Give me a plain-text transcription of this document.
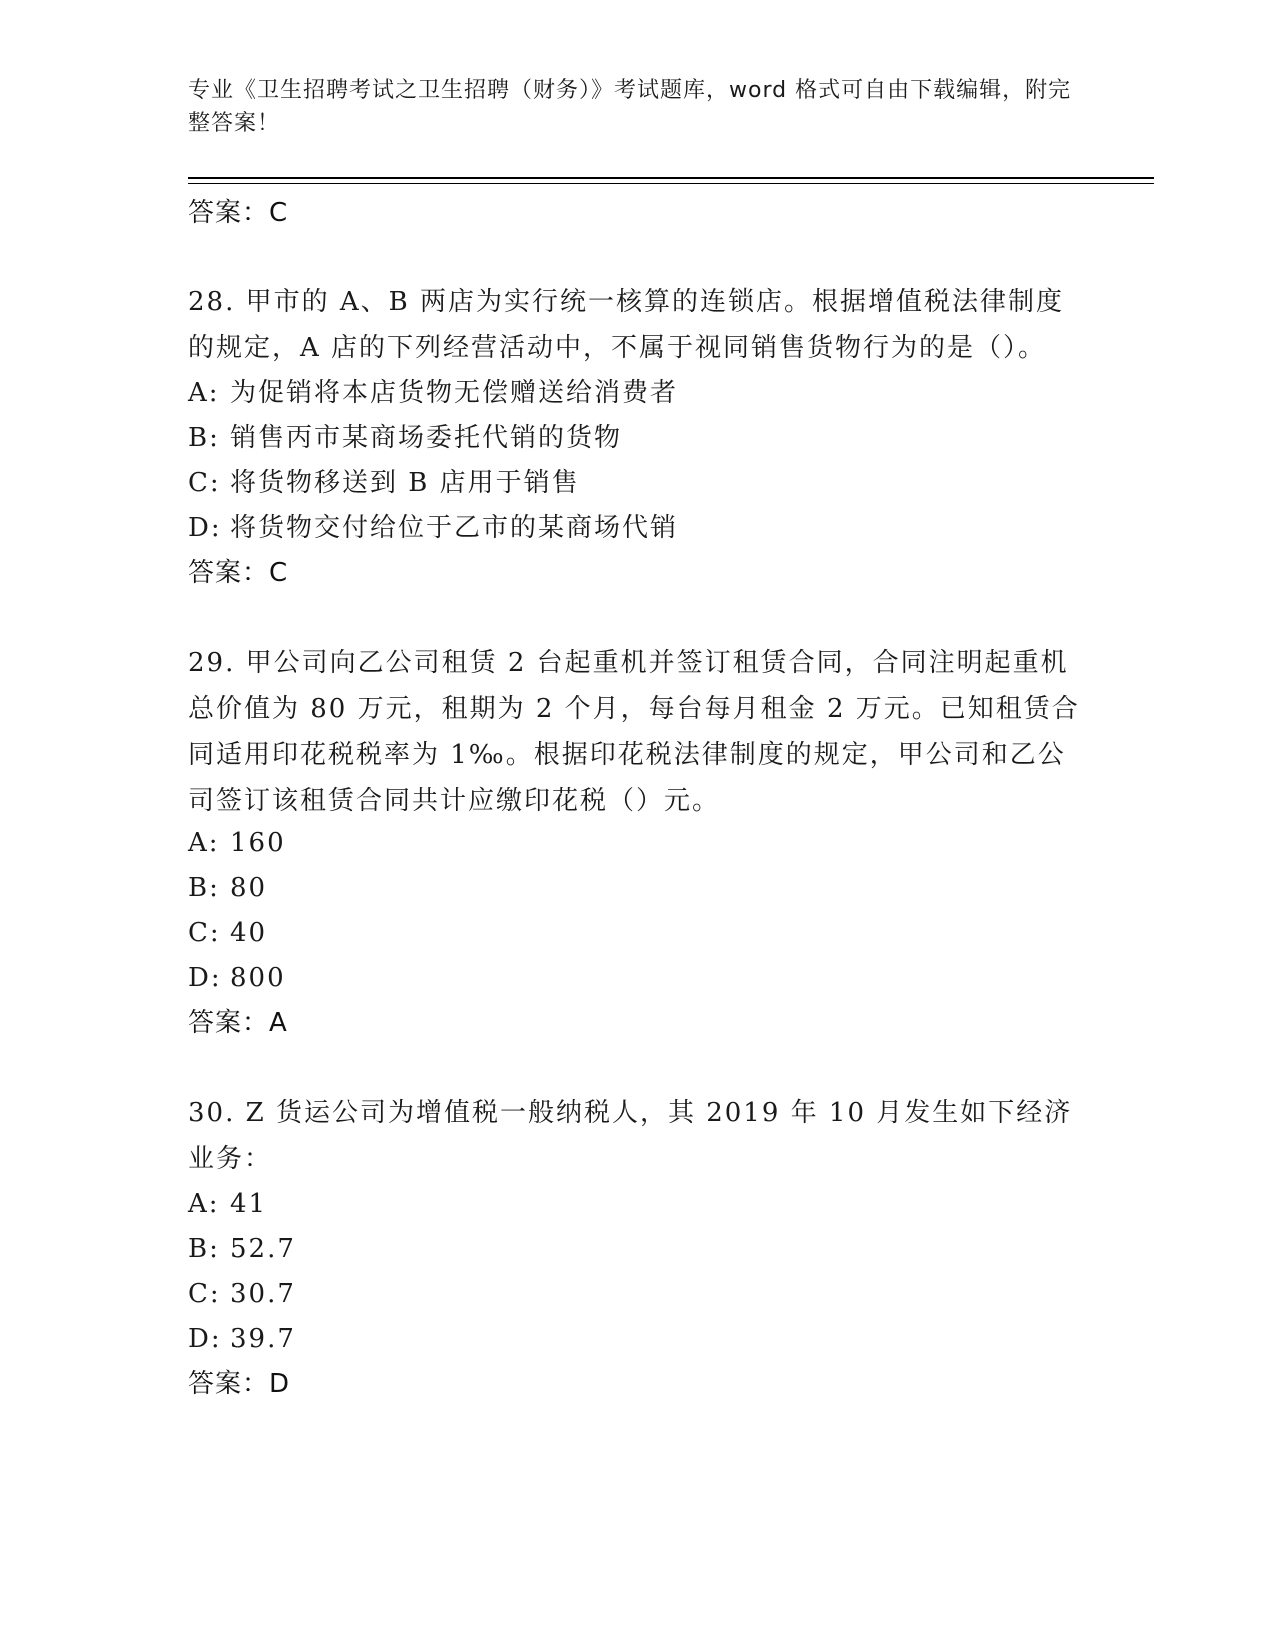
专业《卫生招聘考试之卫生招聘（财务）》考试题库，word 格式可自由下载编辑，附完整答案！
答案：C

28. 甲市的 A、B 两店为实行统一核算的连锁店。根据增值税法律制度的规定，A 店的下列经营活动中，不属于视同销售货物行为的是（）。

A: 为促销将本店货物无偿赠送给消费者
B: 销售丙市某商场委托代销的货物
C: 将货物移送到 B 店用于销售
D: 将货物交付给位于乙市的某商场代销
答案：C

29. 甲公司向乙公司租赁 2 台起重机并签订租赁合同，合同注明起重机总价值为 80 万元，租期为 2 个月，每台每月租金 2 万元。已知租赁合同适用印花税税率为 1‰。根据印花税法律制度的规定，甲公司和乙公司签订该租赁合同共计应缴印花税（）元。

A: 160
B: 80
C: 40
D: 800
答案：A

30. Z 货运公司为增值税一般纳税人，其 2019 年 10 月发生如下经济业务：

A: 41
B: 52.7
C: 30.7
D: 39.7
答案：D
